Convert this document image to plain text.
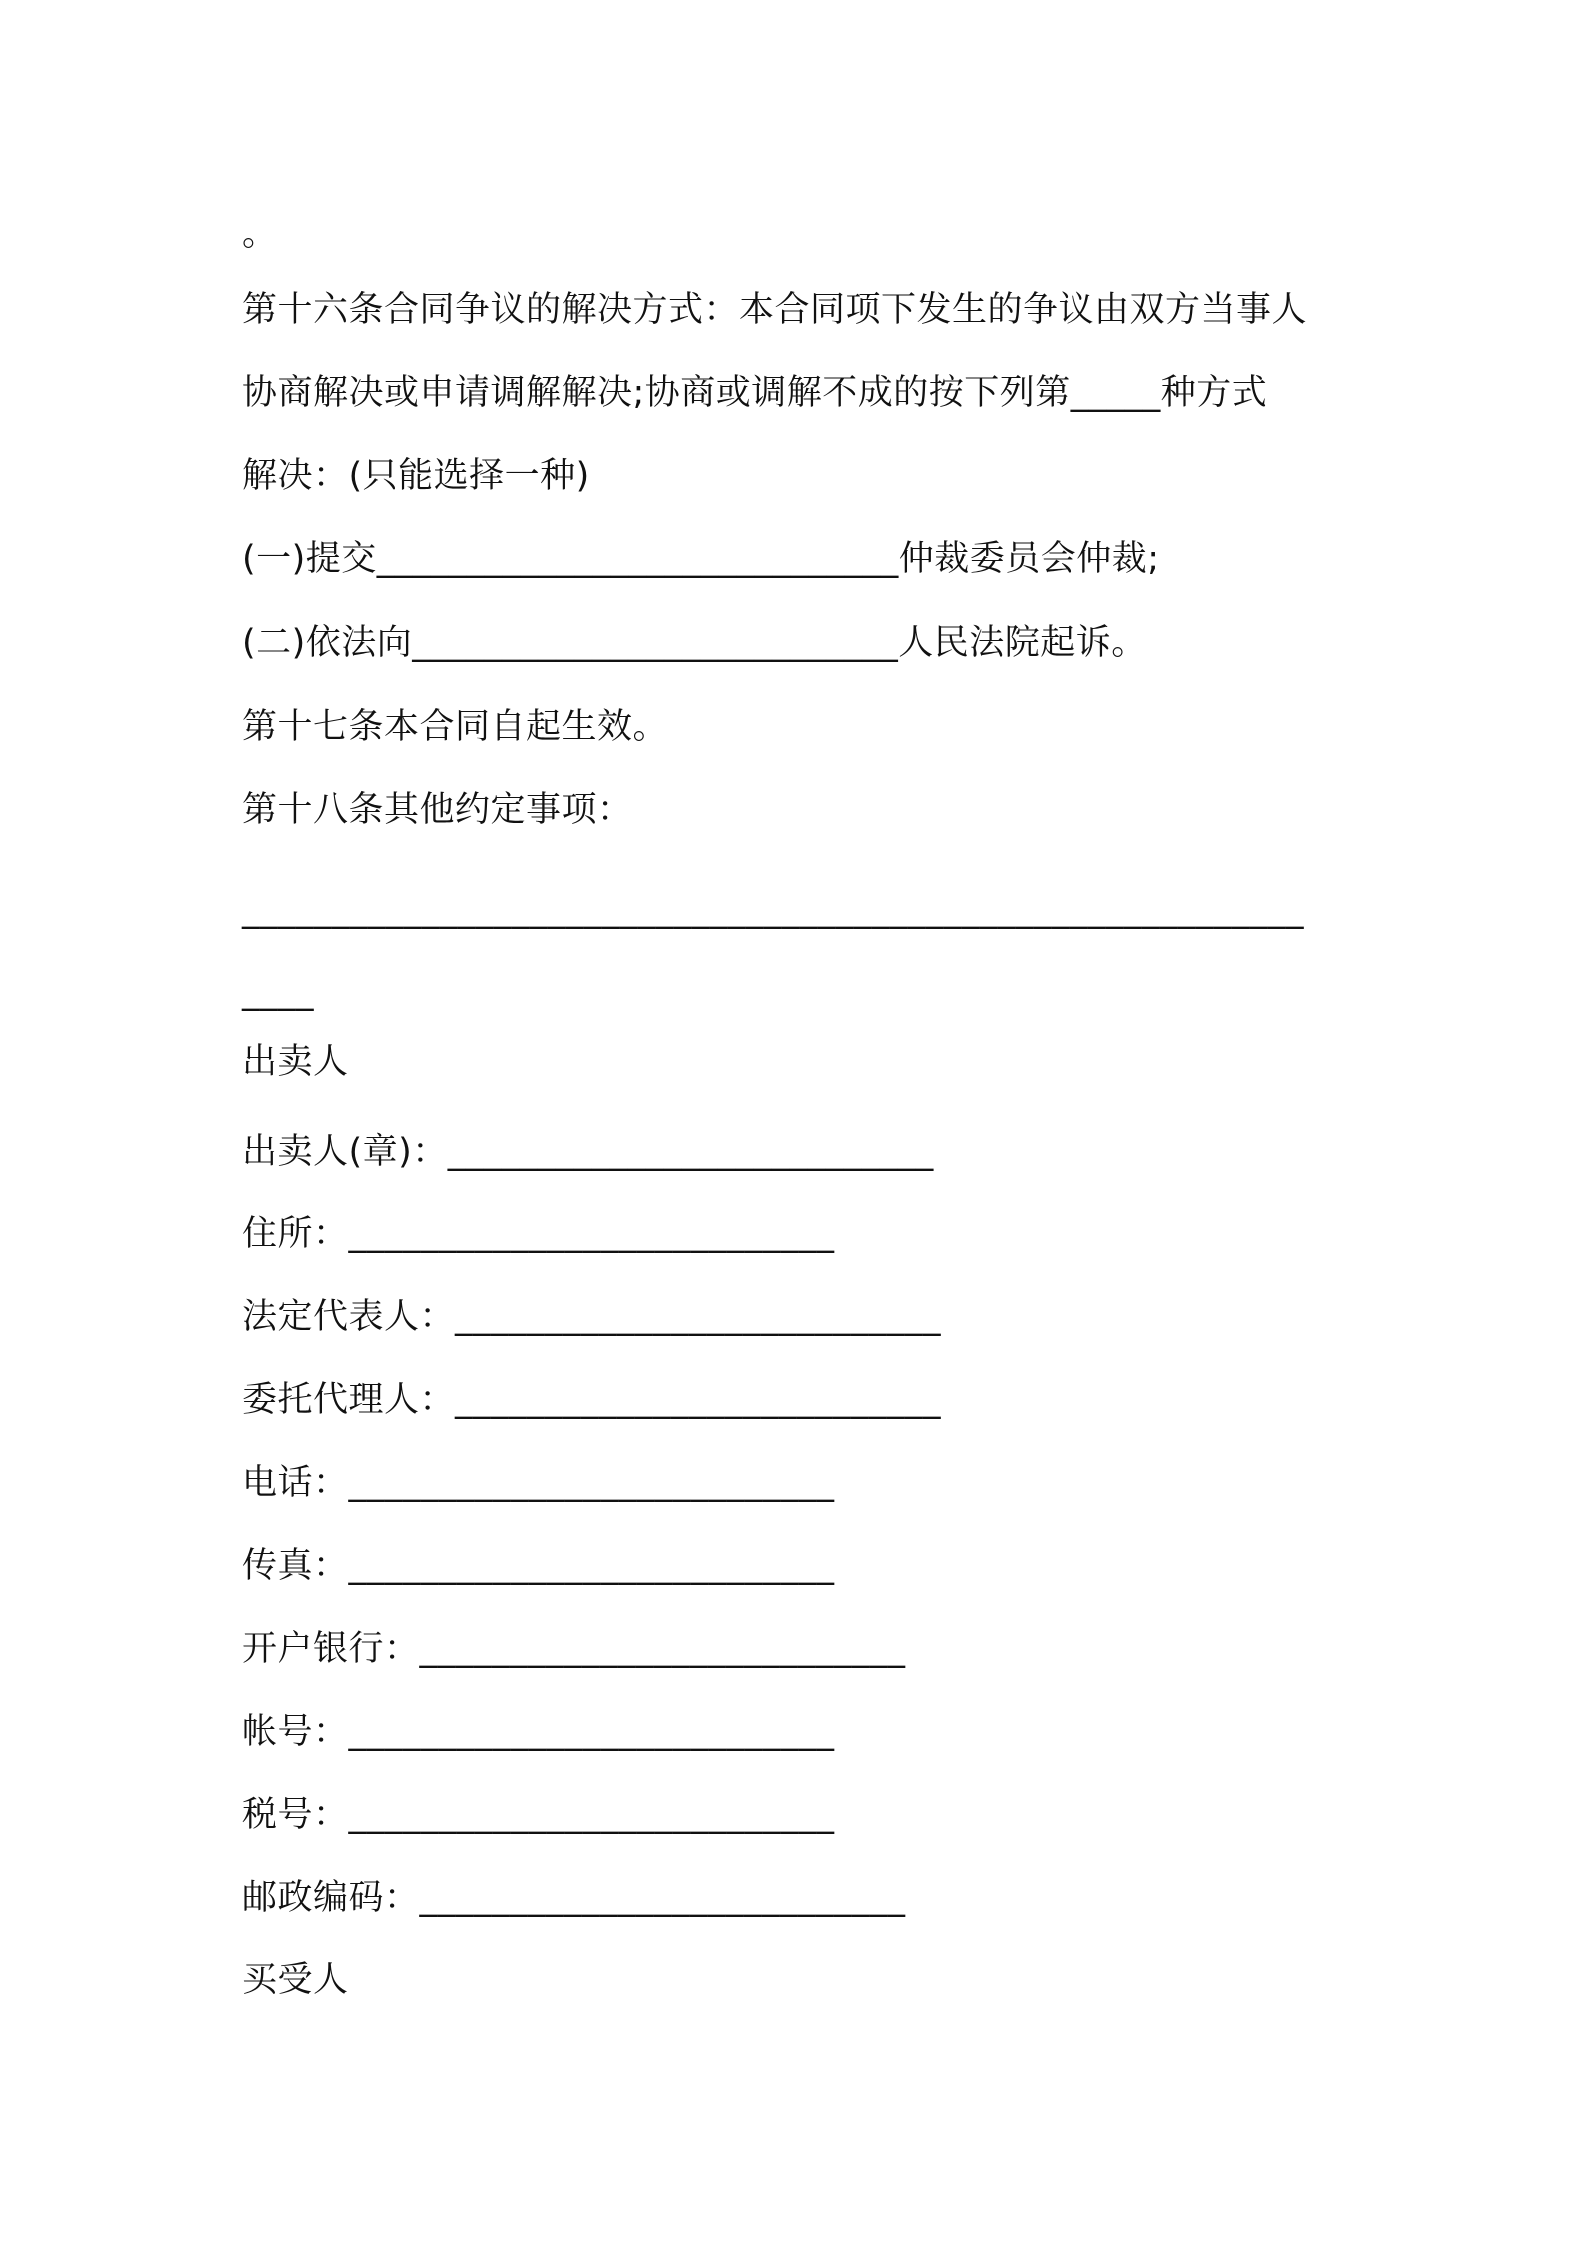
。
第十六条合同争议的解决方式：本合同项下发生的争议由双方当事人
协商解决或申请调解解决;协商或调解不成的按下列第_____种方式
解决：(只能选择一种)
(一)提交_____________________________仲裁委员会仲裁;
(二)依法向___________________________人民法院起诉。
第十七条本合同自起生效。
第十八条其他约定事项：
___________________________________________________________
____
出卖人
出卖人(章)：___________________________
住所：___________________________
法定代表人：___________________________
委托代理人：___________________________
电话：___________________________
传真：___________________________
开户银行：___________________________
帐号：___________________________
税号：___________________________
邮政编码：___________________________
买受人
